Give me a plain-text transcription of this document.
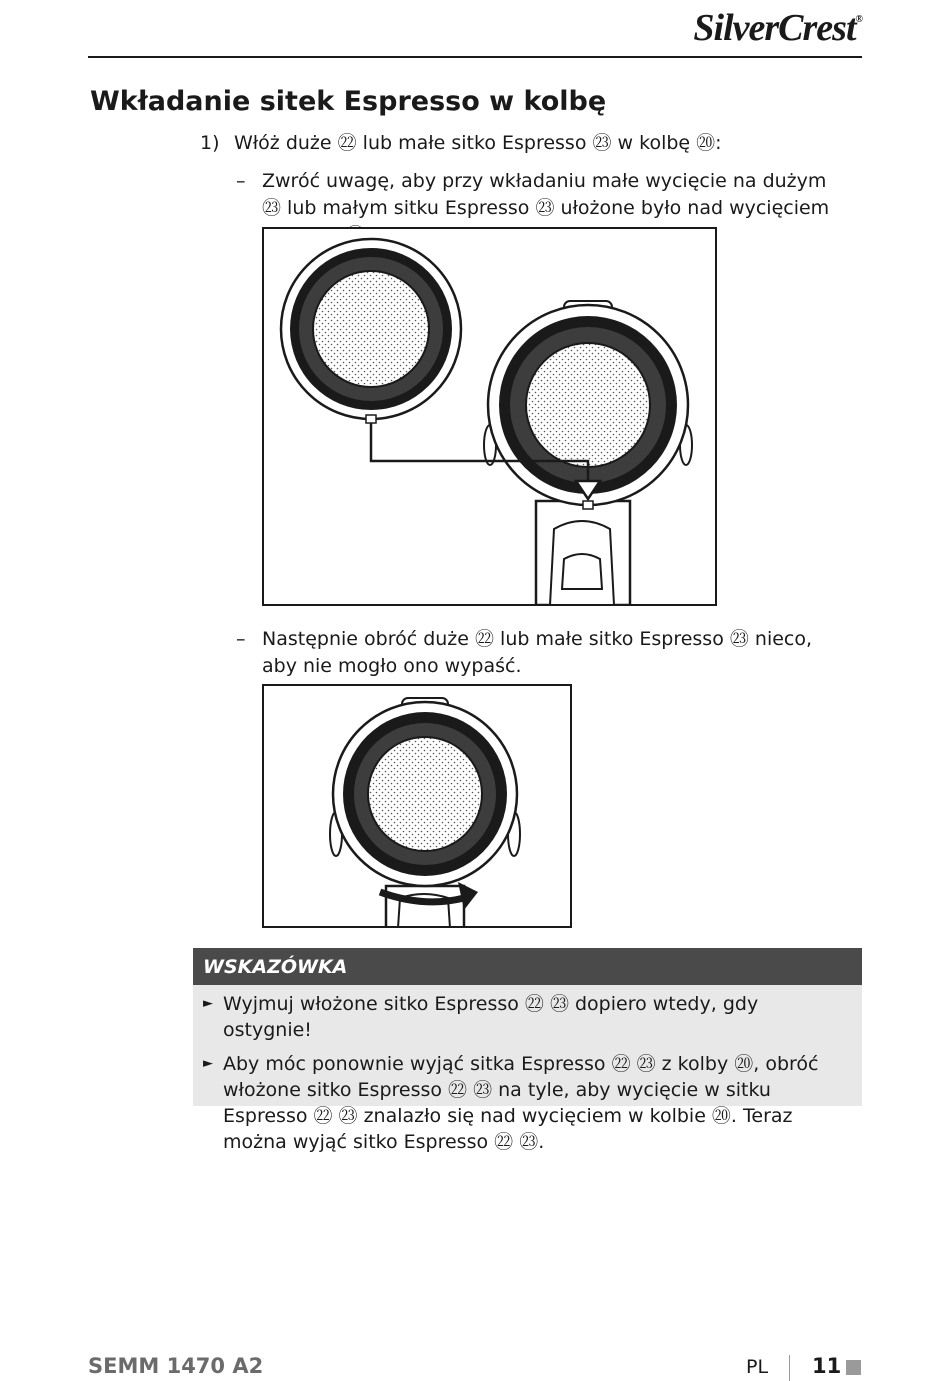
SilverCrest®
Wkładanie sitek Espresso w kolbę
1) Włóż duże ㉒ lub małe sitko Espresso ㉓ w kolbę ⑳:
– Zwróć uwagę, aby przy wkładaniu małe wycięcie na dużym ㉓ lub małym sitku Espresso ㉓ ułożone było nad wycięciem
– Następnie obróć duże ㉒ lub małe sitko Espresso ㉓ nieco, aby nie mogło ono wypaść.
WSKAZÓWKA

► Wyjmuj włożone sitko Espresso ㉒ ㉓ dopiero wtedy, gdy ostygnie!

► Aby móc ponownie wyjąć sitka Espresso ㉒ ㉓ z kolby ⑳, obróć włożone sitko Espresso ㉒ ㉓ na tyle, aby wycięcie w sitku Espresso ㉒ ㉓ znalazło się nad wycięciem w kolbie ⑳. Teraz można wyjąć sitko Espresso ㉒ ㉓.

SEMM 1470 A2	PL 11
